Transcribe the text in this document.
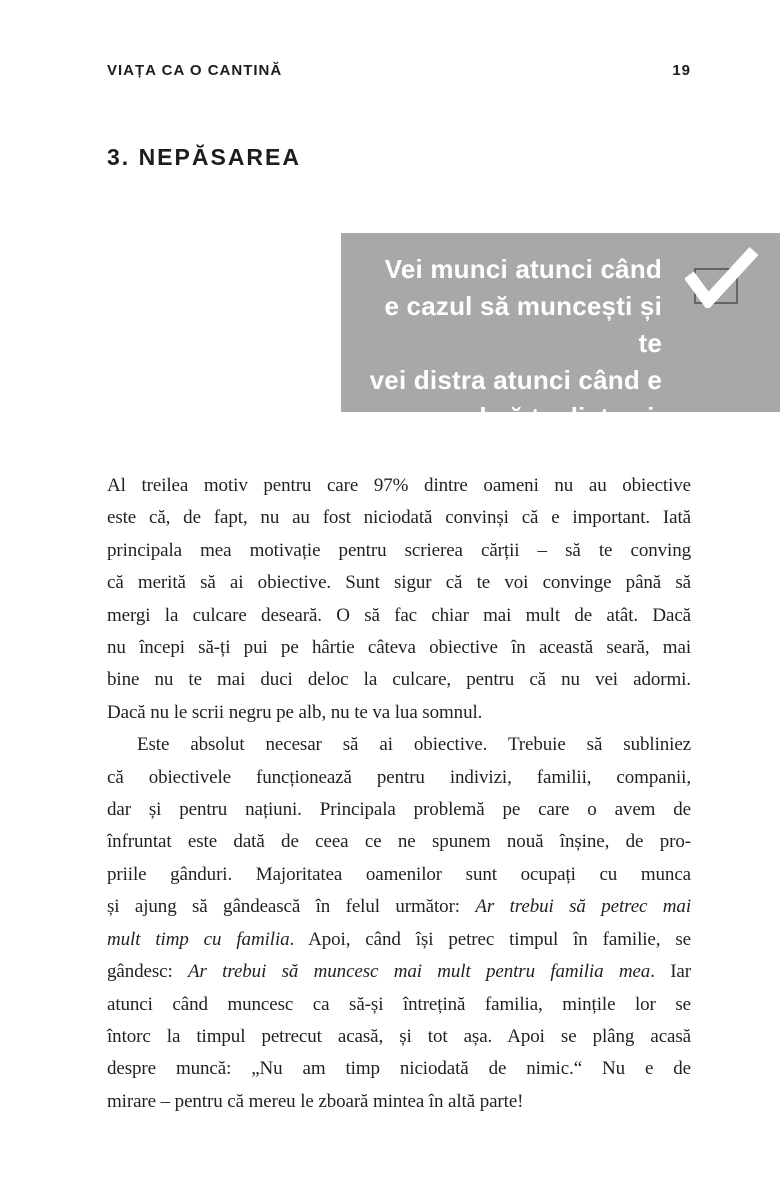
VIAȚA CA O CANTINĂ	19
3. NEPĂSAREA
Vei munci atunci când
e cazul să muncești și te
vei distra atunci când e
cazul să te distrezi.
Al treilea motiv pentru care 97% dintre oameni nu au obiective
este că, de fapt, nu au fost niciodată convinși că e important. Iată
principala mea motivație pentru scrierea cărții – să te conving
că merită să ai obiective. Sunt sigur că te voi convinge până să
mergi la culcare deseară. O să fac chiar mai mult de atât. Dacă
nu începi să-ți pui pe hârtie câteva obiective în această seară, mai
bine nu te mai duci deloc la culcare, pentru că nu vei adormi.
Dacă nu le scrii negru pe alb, nu te va lua somnul.
Este absolut necesar să ai obiective. Trebuie să subliniez
că obiectivele funcționează pentru indivizi, familii, companii,
dar și pentru națiuni. Principala problemă pe care o avem de
înfruntat este dată de ceea ce ne spunem nouă înșine, de pro-
priile gânduri. Majoritatea oamenilor sunt ocupați cu munca
și ajung să gândească în felul următor: Ar trebui să petrec mai
mult timp cu familia. Apoi, când își petrec timpul în familie, se
gândesc: Ar trebui să muncesc mai mult pentru familia mea. Iar
atunci când muncesc ca să-și întrețină familia, mințile lor se
întorc la timpul petrecut acasă, și tot așa. Apoi se plâng acasă
despre muncă: „Nu am timp niciodată de nimic.“ Nu e de
mirare – pentru că mereu le zboară mintea în altă parte!
